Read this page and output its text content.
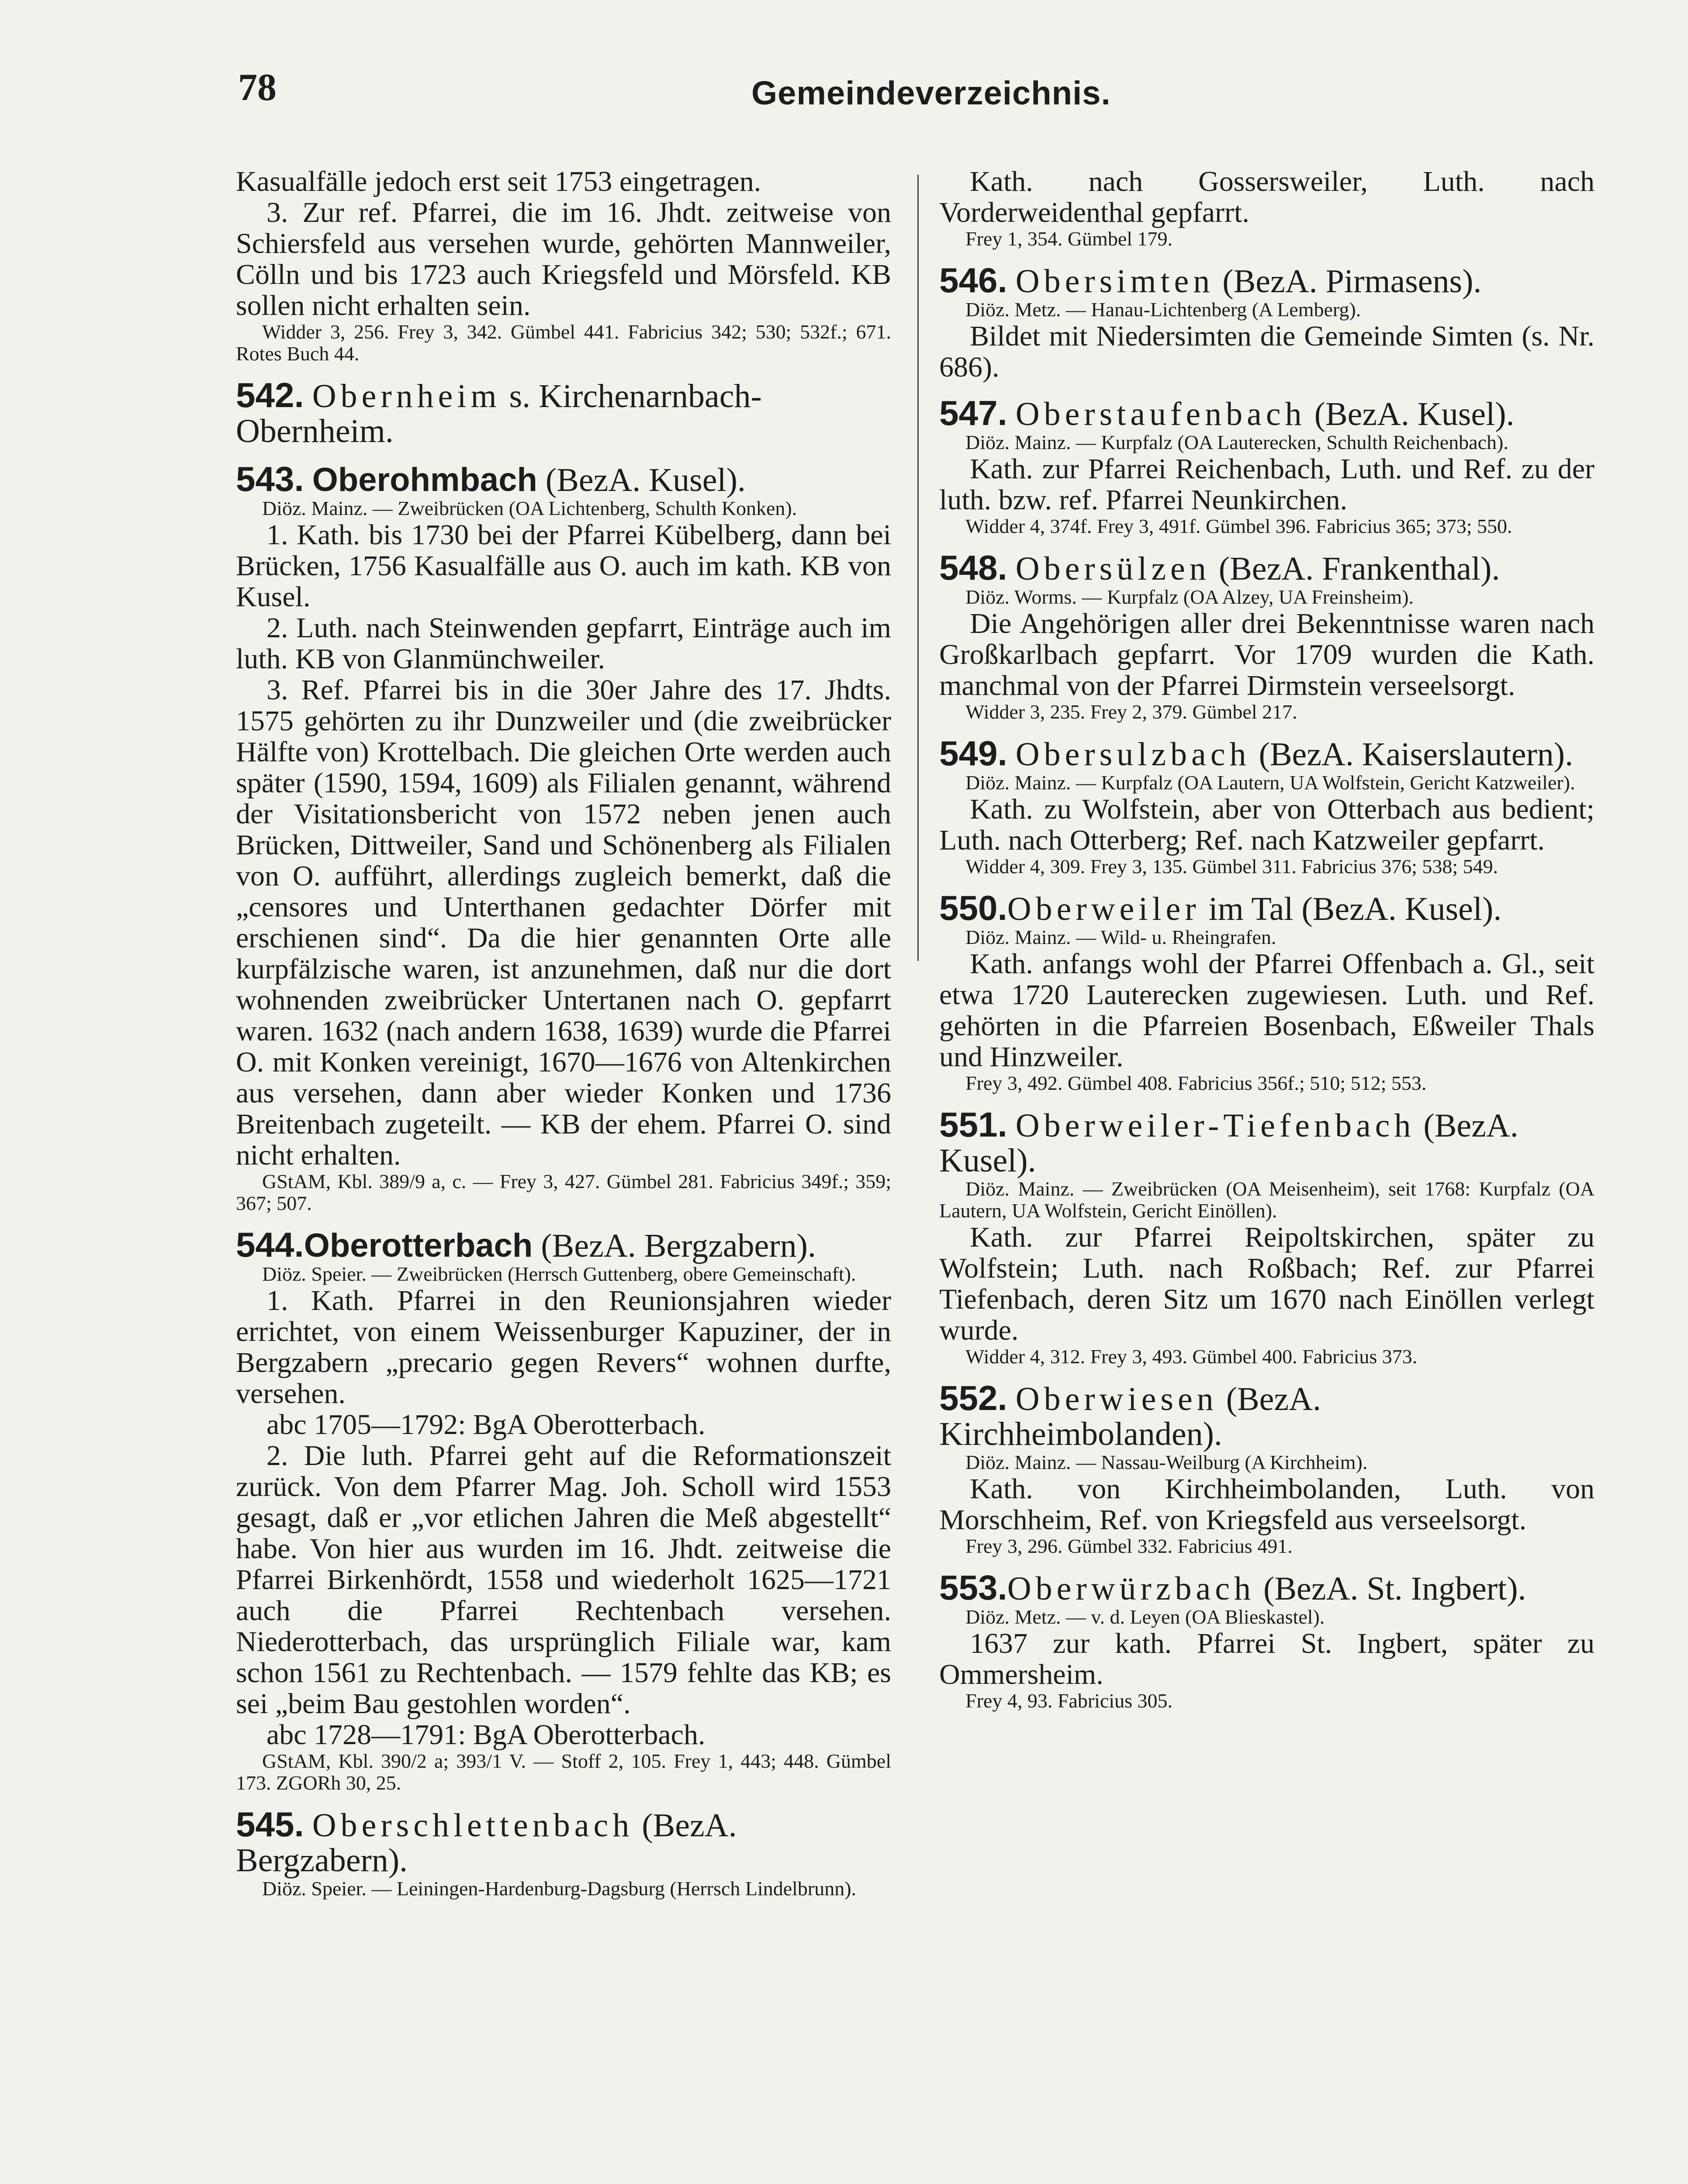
78	Gemeindeverzeichnis.

Kasualfälle jedoch erst seit 1753 eingetragen.

3. Zur ref. Pfarrei, die im 16. Jhdt. zeitweise von Schiersfeld aus versehen wurde, gehörten Mannweiler, Cölln und bis 1723 auch Kriegsfeld und Mörsfeld. KB sollen nicht erhalten sein.

Widder 3, 256. Frey 3, 342. Gümbel 441. Fabricius 342; 530; 532f.; 671. Rotes Buch 44.

542. Obernheim s. Kirchenarnbach-Obernheim.

543. Oberohmbach (BezA. Kusel).

Diöz. Mainz. — Zweibrücken (OA Lichtenberg, Schulth Konken).

1. Kath. bis 1730 bei der Pfarrei Kübelberg, dann bei Brücken, 1756 Kasualfälle aus O. auch im kath. KB von Kusel.

2. Luth. nach Steinwenden gepfarrt, Einträge auch im luth. KB von Glanmünchweiler.

3. Ref. Pfarrei bis in die 30er Jahre des 17. Jhdts. 1575 gehörten zu ihr Dunzweiler und (die zweibrücker Hälfte von) Krottelbach. Die gleichen Orte werden auch später (1590, 1594, 1609) als Filialen genannt, während der Visitationsbericht von 1572 neben jenen auch Brücken, Dittweiler, Sand und Schönenberg als Filialen von O. aufführt, allerdings zugleich bemerkt, daß die „censores und Unterthanen gedachter Dörfer mit erschienen sind“. Da die hier genannten Orte alle kurpfälzische waren, ist anzunehmen, daß nur die dort wohnenden zweibrücker Untertanen nach O. gepfarrt waren. 1632 (nach andern 1638, 1639) wurde die Pfarrei O. mit Konken vereinigt, 1670—1676 von Altenkirchen aus versehen, dann aber wieder Konken und 1736 Breitenbach zugeteilt. — KB der ehem. Pfarrei O. sind nicht erhalten.

GStAM, Kbl. 389/9 a, c. — Frey 3, 427. Gümbel 281. Fabricius 349f.; 359; 367; 507.

544.Oberotterbach (BezA. Bergzabern).

Diöz. Speier. — Zweibrücken (Herrsch Guttenberg, obere Gemeinschaft).

1. Kath. Pfarrei in den Reunionsjahren wieder errichtet, von einem Weissenburger Kapuziner, der in Bergzabern „precario gegen Revers“ wohnen durfte, versehen.

abc 1705—1792: BgA Oberotterbach.

2. Die luth. Pfarrei geht auf die Reformationszeit zurück. Von dem Pfarrer Mag. Joh. Scholl wird 1553 gesagt, daß er „vor etlichen Jahren die Meß abgestellt“ habe. Von hier aus wurden im 16. Jhdt. zeitweise die Pfarrei Birkenhördt, 1558 und wiederholt 1625—1721 auch die Pfarrei Rechtenbach versehen. Niederotterbach, das ursprünglich Filiale war, kam schon 1561 zu Rechtenbach. — 1579 fehlte das KB; es sei „beim Bau gestohlen worden“.

abc 1728—1791: BgA Oberotterbach.

GStAM, Kbl. 390/2 a; 393/1 V. — Stoff 2, 105. Frey 1, 443; 448. Gümbel 173. ZGORh 30, 25.

545. Oberschlettenbach (BezA. Bergzabern).

Diöz. Speier. — Leiningen-Hardenburg-Dagsburg (Herrsch Lindelbrunn).

Kath. nach Gossersweiler, Luth. nach Vorderweidenthal gepfarrt.

Frey 1, 354. Gümbel 179.

546. Obersimten (BezA. Pirmasens).

Diöz. Metz. — Hanau-Lichtenberg (A Lemberg).

Bildet mit Niedersimten die Gemeinde Simten (s. Nr. 686).

547. Oberstaufenbach (BezA. Kusel).

Diöz. Mainz. — Kurpfalz (OA Lauterecken, Schulth Reichenbach).

Kath. zur Pfarrei Reichenbach, Luth. und Ref. zu der luth. bzw. ref. Pfarrei Neunkirchen.

Widder 4, 374f. Frey 3, 491f. Gümbel 396. Fabricius 365; 373; 550.

548. Obersülzen (BezA. Frankenthal).

Diöz. Worms. — Kurpfalz (OA Alzey, UA Freinsheim).

Die Angehörigen aller drei Bekenntnisse waren nach Großkarlbach gepfarrt. Vor 1709 wurden die Kath. manchmal von der Pfarrei Dirmstein verseelsorgt.

Widder 3, 235. Frey 2, 379. Gümbel 217.

549. Obersulzbach (BezA. Kaiserslautern).

Diöz. Mainz. — Kurpfalz (OA Lautern, UA Wolfstein, Gericht Katzweiler).

Kath. zu Wolfstein, aber von Otterbach aus bedient; Luth. nach Otterberg; Ref. nach Katzweiler gepfarrt.

Widder 4, 309. Frey 3, 135. Gümbel 311. Fabricius 376; 538; 549.

550.Oberweiler im Tal (BezA. Kusel).

Diöz. Mainz. — Wild- u. Rheingrafen.

Kath. anfangs wohl der Pfarrei Offenbach a. Gl., seit etwa 1720 Lauterecken zugewiesen. Luth. und Ref. gehörten in die Pfarreien Bosenbach, Eßweiler Thals und Hinzweiler.

Frey 3, 492. Gümbel 408. Fabricius 356f.; 510; 512; 553.

551. Oberweiler-Tiefenbach (BezA. Kusel).

Diöz. Mainz. — Zweibrücken (OA Meisenheim), seit 1768: Kurpfalz (OA Lautern, UA Wolfstein, Gericht Einöllen).

Kath. zur Pfarrei Reipoltskirchen, später zu Wolfstein; Luth. nach Roßbach; Ref. zur Pfarrei Tiefenbach, deren Sitz um 1670 nach Einöllen verlegt wurde.

Widder 4, 312. Frey 3, 493. Gümbel 400. Fabricius 373.

552. Oberwiesen (BezA. Kirchheimbolanden).

Diöz. Mainz. — Nassau-Weilburg (A Kirchheim).

Kath. von Kirchheimbolanden, Luth. von Morschheim, Ref. von Kriegsfeld aus verseelsorgt.

Frey 3, 296. Gümbel 332. Fabricius 491.

553.Oberwürzbach (BezA. St. Ingbert).

Diöz. Metz. — v. d. Leyen (OA Blieskastel).

1637 zur kath. Pfarrei St. Ingbert, später zu Ommersheim.

Frey 4, 93. Fabricius 305.
